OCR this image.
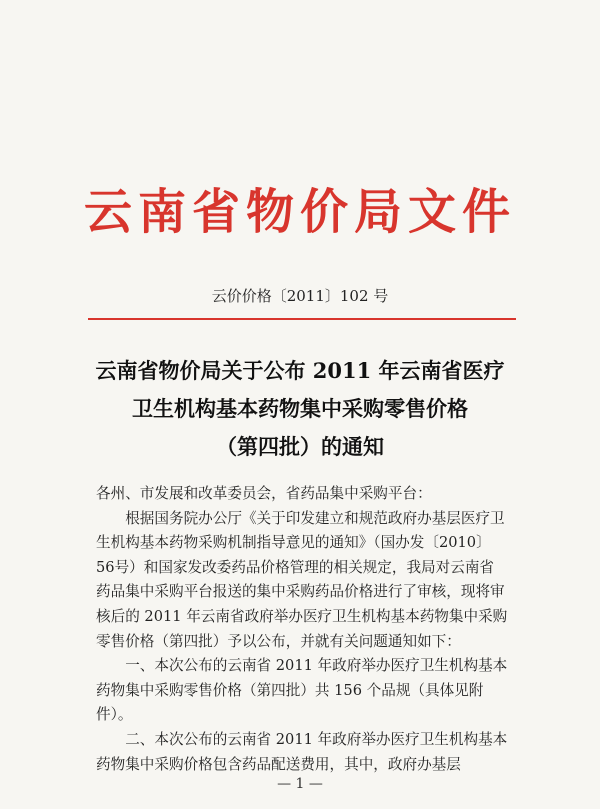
云南省物价局文件
云价价格〔2011〕102 号
云南省物价局关于公布 2011 年云南省医疗
卫生机构基本药物集中采购零售价格
（第四批）的通知

各州、市发展和改革委员会，省药品集中采购平台：

根据国务院办公厅《关于印发建立和规范政府办基层医疗卫生机构基本药物采购机制指导意见的通知》（国办发〔2010〕56号）和国家发改委药品价格管理的相关规定，我局对云南省药品集中采购平台报送的集中采购药品价格进行了审核，现将审核后的 2011 年云南省政府举办医疗卫生机构基本药物集中采购零售价格（第四批）予以公布，并就有关问题通知如下：

一、本次公布的云南省 2011 年政府举办医疗卫生机构基本药物集中采购零售价格（第四批）共 156 个品规（具体见附件）。

二、本次公布的云南省 2011 年政府举办医疗卫生机构基本药物集中采购价格包含药品配送费用，其中，政府办基层

— 1 —
